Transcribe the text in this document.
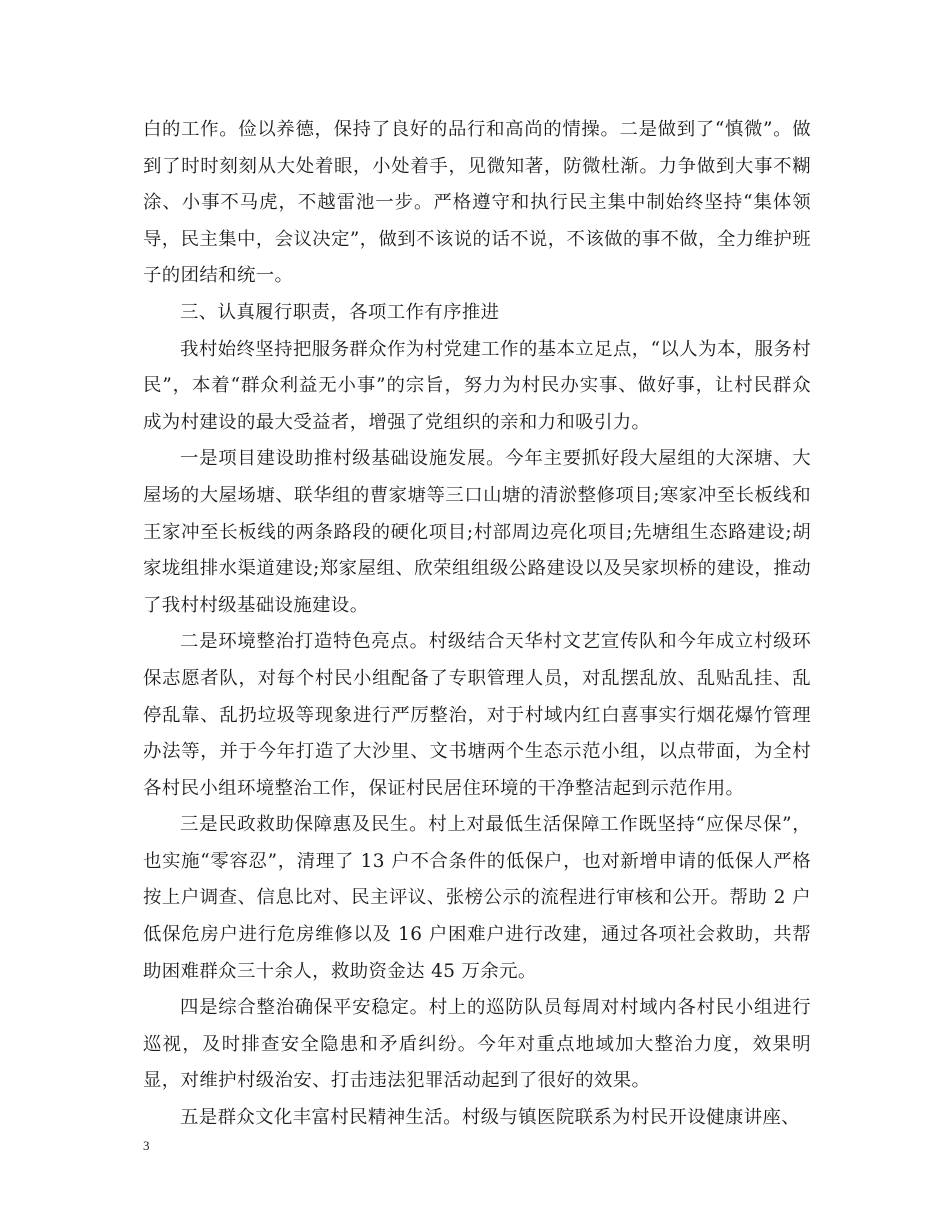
白的工作。俭以养德，保持了良好的品行和高尚的情操。二是做到了“慎微”。做到了时时刻刻从大处着眼，小处着手，见微知著，防微杜渐。力争做到大事不糊涂、小事不马虎，不越雷池一步。严格遵守和执行民主集中制始终坚持“集体领导，民主集中，会议决定”，做到不该说的话不说，不该做的事不做，全力维护班子的团结和统一。

三、认真履行职责，各项工作有序推进

我村始终坚持把服务群众作为村党建工作的基本立足点，“以人为本，服务村民”，本着“群众利益无小事”的宗旨，努力为村民办实事、做好事，让村民群众成为村建设的最大受益者，增强了党组织的亲和力和吸引力。

一是项目建设助推村级基础设施发展。今年主要抓好段大屋组的大深塘、大屋场的大屋场塘、联华组的曹家塘等三口山塘的清淤整修项目;寒家冲至长板线和王家冲至长板线的两条路段的硬化项目;村部周边亮化项目;先塘组生态路建设;胡家垅组排水渠道建设;郑家屋组、欣荣组组级公路建设以及吴家坝桥的建设，推动了我村村级基础设施建设。

二是环境整治打造特色亮点。村级结合天华村文艺宣传队和今年成立村级环保志愿者队，对每个村民小组配备了专职管理人员，对乱摆乱放、乱贴乱挂、乱停乱靠、乱扔垃圾等现象进行严厉整治，对于村域内红白喜事实行烟花爆竹管理办法等，并于今年打造了大沙里、文书塘两个生态示范小组，以点带面，为全村各村民小组环境整治工作，保证村民居住环境的干净整洁起到示范作用。

三是民政救助保障惠及民生。村上对最低生活保障工作既坚持“应保尽保”，也实施“零容忍”，清理了 13 户不合条件的低保户，也对新增申请的低保人严格按上户调查、信息比对、民主评议、张榜公示的流程进行审核和公开。帮助 2 户低保危房户进行危房维修以及 16 户困难户进行改建，通过各项社会救助，共帮助困难群众三十余人，救助资金达 45 万余元。

四是综合整治确保平安稳定。村上的巡防队员每周对村域内各村民小组进行巡视，及时排查安全隐患和矛盾纠纷。今年对重点地域加大整治力度，效果明显，对维护村级治安、打击违法犯罪活动起到了很好的效果。

五是群众文化丰富村民精神生活。村级与镇医院联系为村民开设健康讲座、

3
